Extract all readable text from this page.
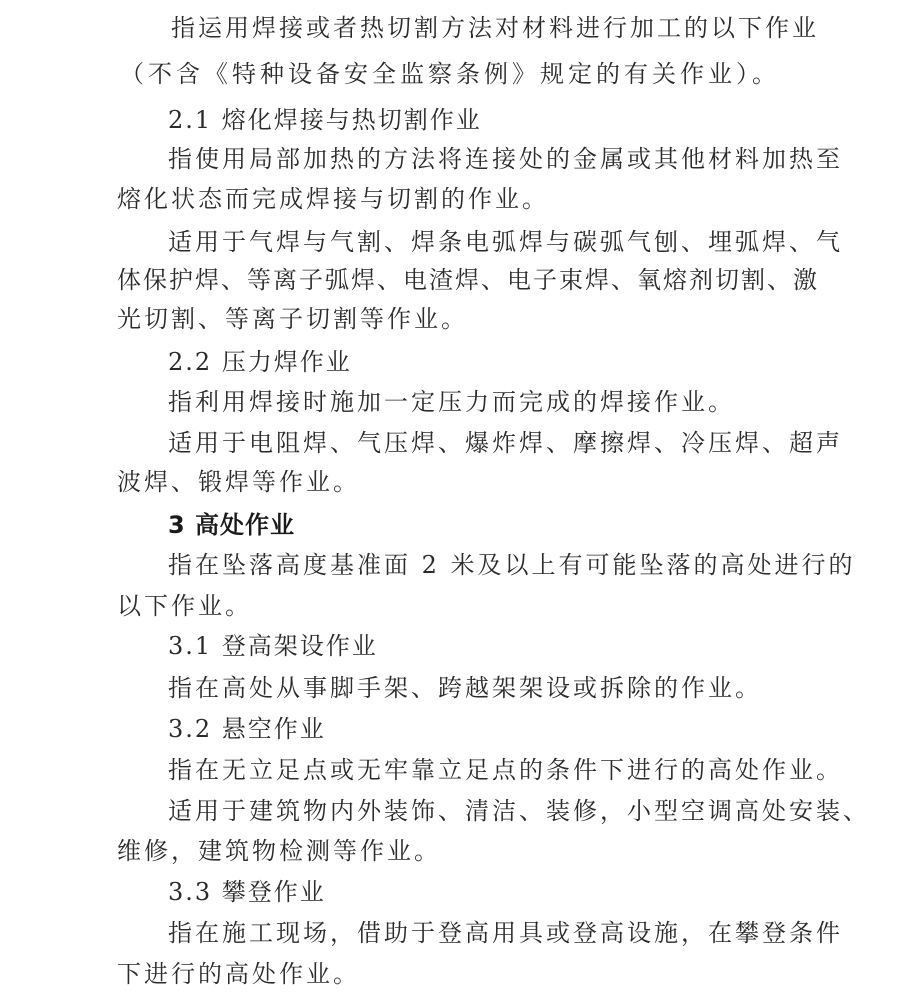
指运用焊接或者热切割方法对材料进行加工的以下作业
（不含《特种设备安全监察条例》规定的有关作业）。
2.1 熔化焊接与热切割作业
指使用局部加热的方法将连接处的金属或其他材料加热至
熔化状态而完成焊接与切割的作业。
适用于气焊与气割、焊条电弧焊与碳弧气刨、埋弧焊、气
体保护焊、等离子弧焊、电渣焊、电子束焊、氧熔剂切割、激
光切割、等离子切割等作业。
2.2 压力焊作业
指利用焊接时施加一定压力而完成的焊接作业。
适用于电阻焊、气压焊、爆炸焊、摩擦焊、冷压焊、超声
波焊、锻焊等作业。
3 高处作业
指在坠落高度基准面 2 米及以上有可能坠落的高处进行的
以下作业。
3.1 登高架设作业
指在高处从事脚手架、跨越架架设或拆除的作业。
3.2 悬空作业
指在无立足点或无牢靠立足点的条件下进行的高处作业。
适用于建筑物内外装饰、清洁、装修，小型空调高处安装、
维修，建筑物检测等作业。
3.3 攀登作业
指在施工现场，借助于登高用具或登高设施，在攀登条件
下进行的高处作业。
